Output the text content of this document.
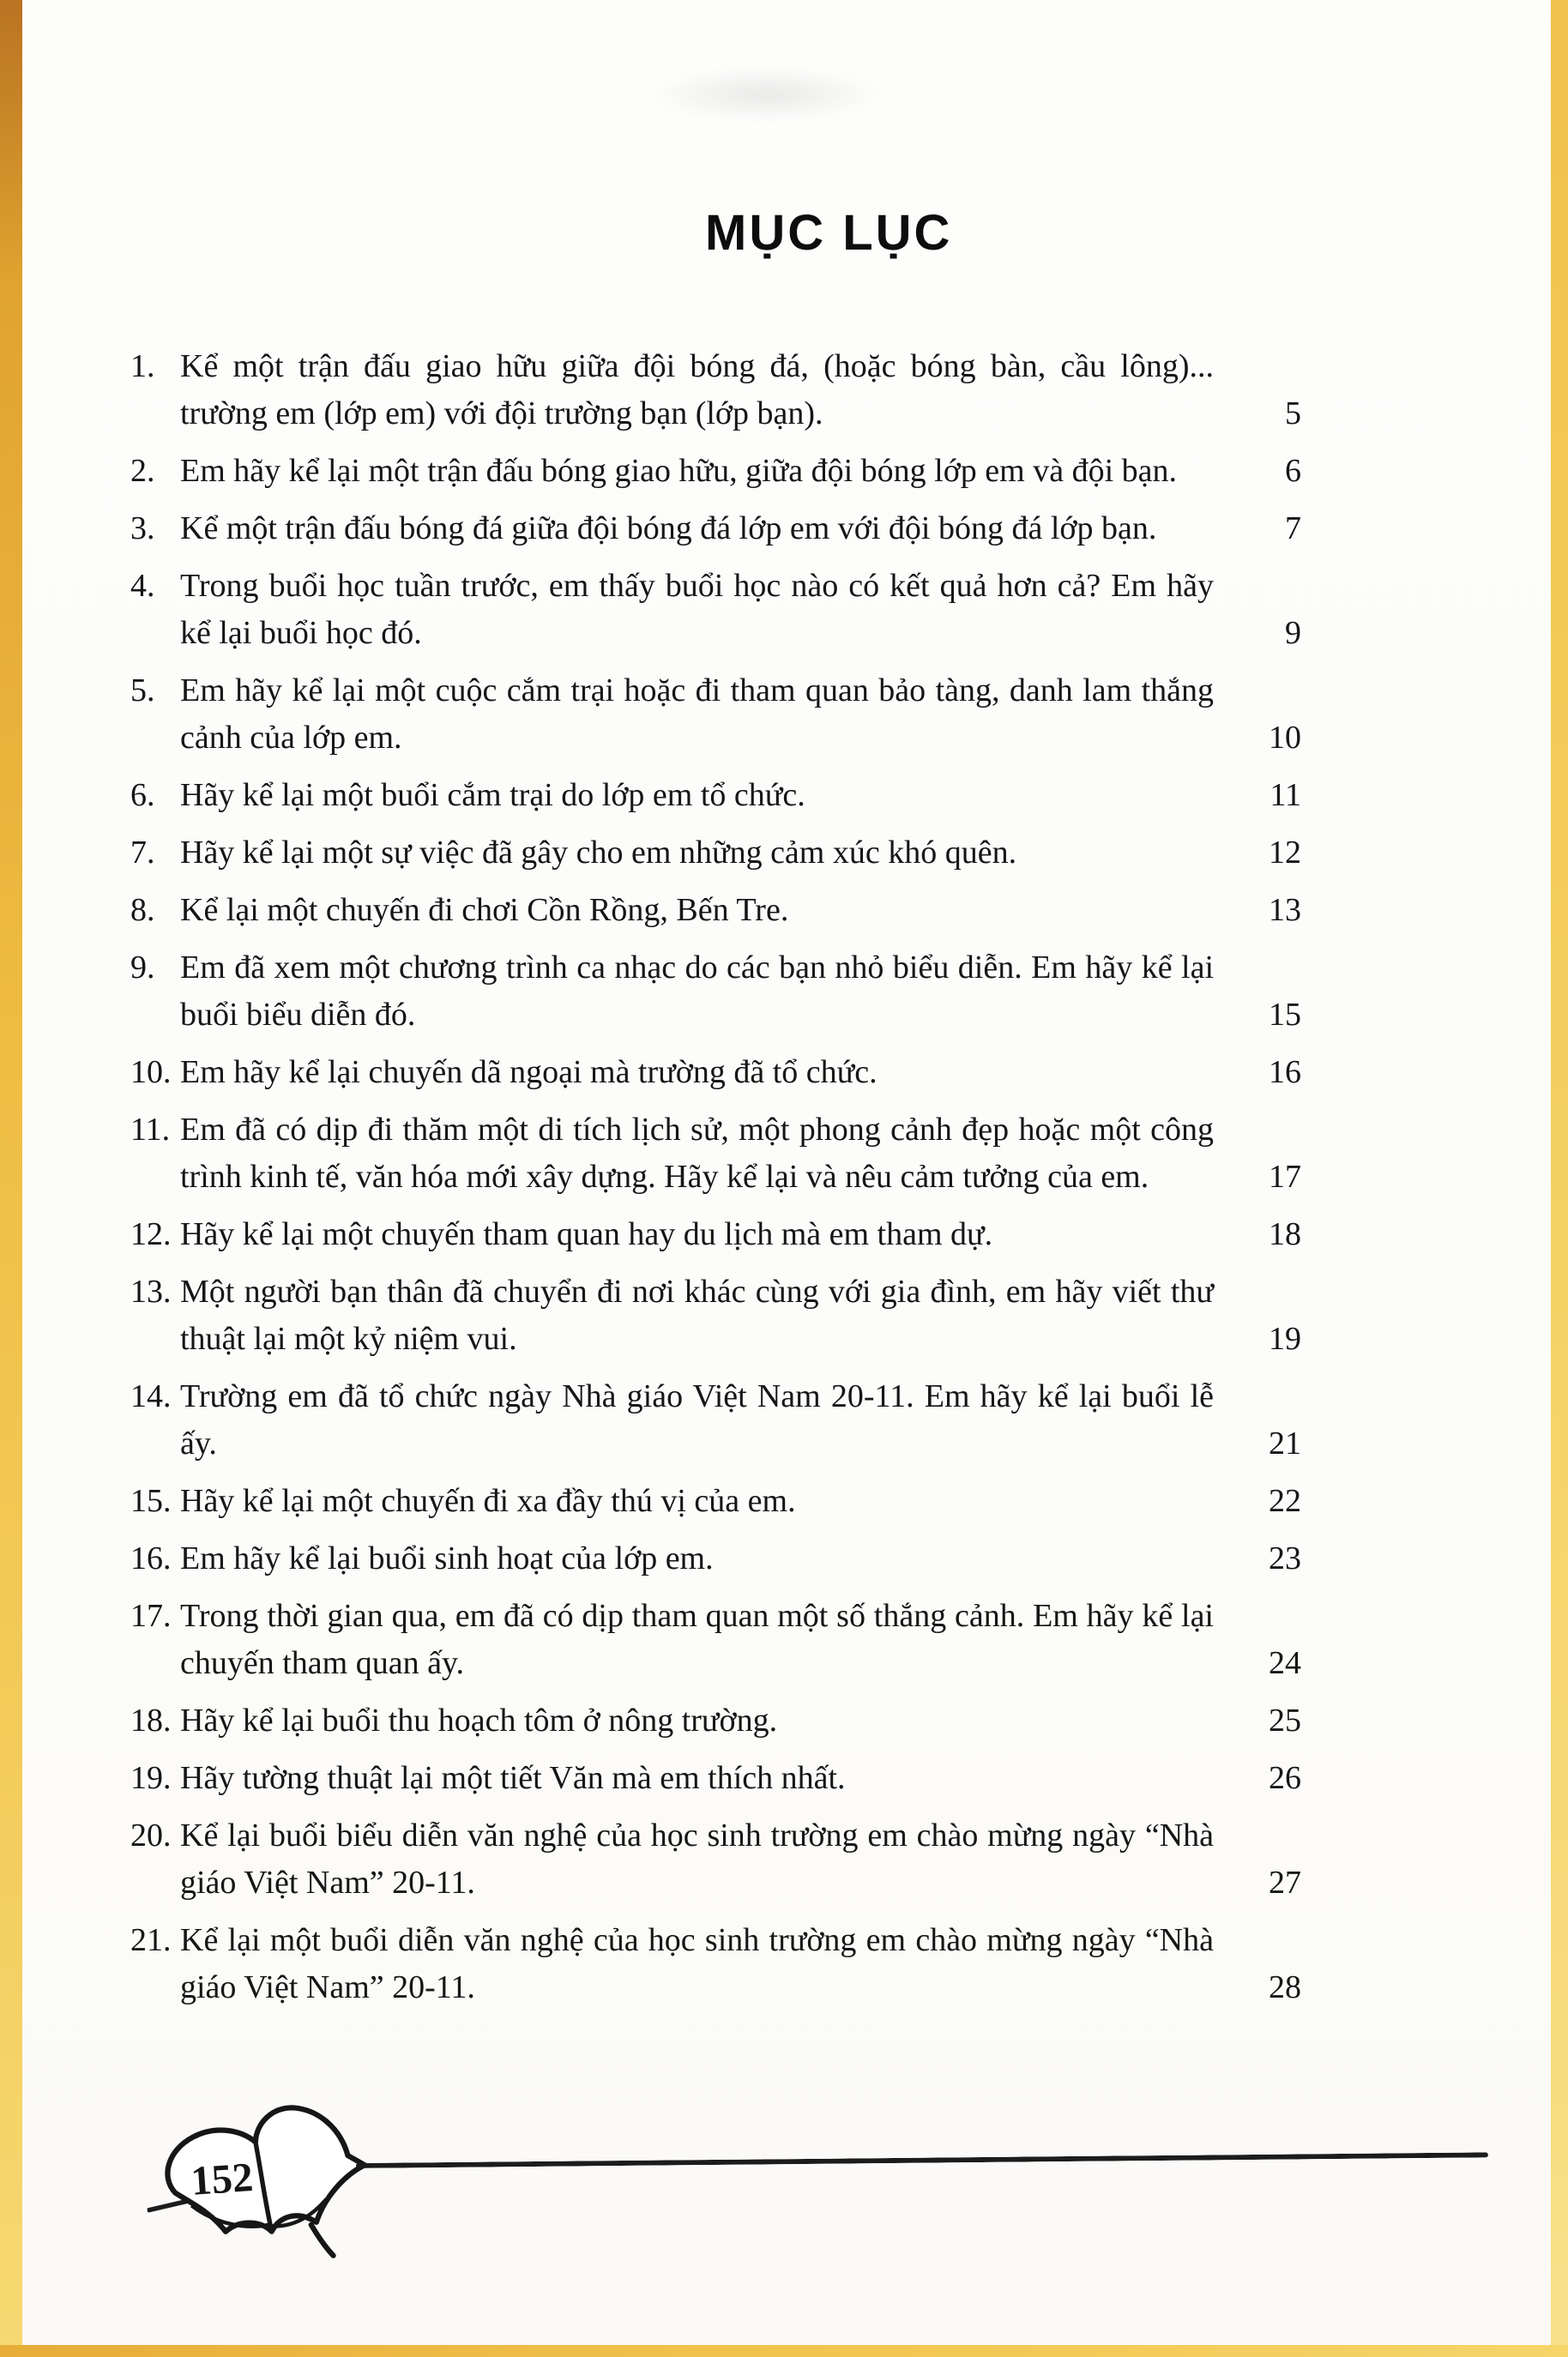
MỤC LỤC
1. Kể một trận đấu giao hữu giữa đội bóng đá, (hoặc bóng bàn, cầu lông)... trường em (lớp em) với đội trường bạn (lớp bạn).	5
2. Em hãy kể lại một trận đấu bóng giao hữu, giữa đội bóng lớp em và đội bạn.	6
3. Kể một trận đấu bóng đá giữa đội bóng đá lớp em với đội bóng đá lớp bạn.	7
4. Trong buổi học tuần trước, em thấy buổi học nào có kết quả hơn cả? Em hãy kể lại buổi học đó.	9
5. Em hãy kể lại một cuộc cắm trại hoặc đi tham quan bảo tàng, danh lam thắng cảnh của lớp em.	10
6. Hãy kể lại một buổi cắm trại do lớp em tổ chức.	11
7. Hãy kể lại một sự việc đã gây cho em những cảm xúc khó quên.	12
8. Kể lại một chuyến đi chơi Cồn Rồng, Bến Tre.	13
9. Em đã xem một chương trình ca nhạc do các bạn nhỏ biểu diễn. Em hãy kể lại buổi biểu diễn đó.	15
10. Em hãy kể lại chuyến dã ngoại mà trường đã tổ chức.	16
11. Em đã có dịp đi thăm một di tích lịch sử, một phong cảnh đẹp hoặc một công trình kinh tế, văn hóa mới xây dựng. Hãy kể lại và nêu cảm tưởng của em.	17
12. Hãy kể lại một chuyến tham quan hay du lịch mà em tham dự.	18
13. Một người bạn thân đã chuyển đi nơi khác cùng với gia đình, em hãy viết thư thuật lại một kỷ niệm vui.	19
14. Trường em đã tổ chức ngày Nhà giáo Việt Nam 20-11. Em hãy kể lại buổi lễ ấy.	21
15. Hãy kể lại một chuyến đi xa đầy thú vị của em.	22
16. Em hãy kể lại buổi sinh hoạt của lớp em.	23
17. Trong thời gian qua, em đã có dịp tham quan một số thắng cảnh. Em hãy kể lại chuyến tham quan ấy.	24
18. Hãy kể lại buổi thu hoạch tôm ở nông trường.	25
19. Hãy tường thuật lại một tiết Văn mà em thích nhất.	26
20. Kể lại buổi biểu diễn văn nghệ của học sinh trường em chào mừng ngày “Nhà giáo Việt Nam” 20-11.	27
21. Kể lại một buổi diễn văn nghệ của học sinh trường em chào mừng ngày “Nhà giáo Việt Nam” 20-11.	28
152
